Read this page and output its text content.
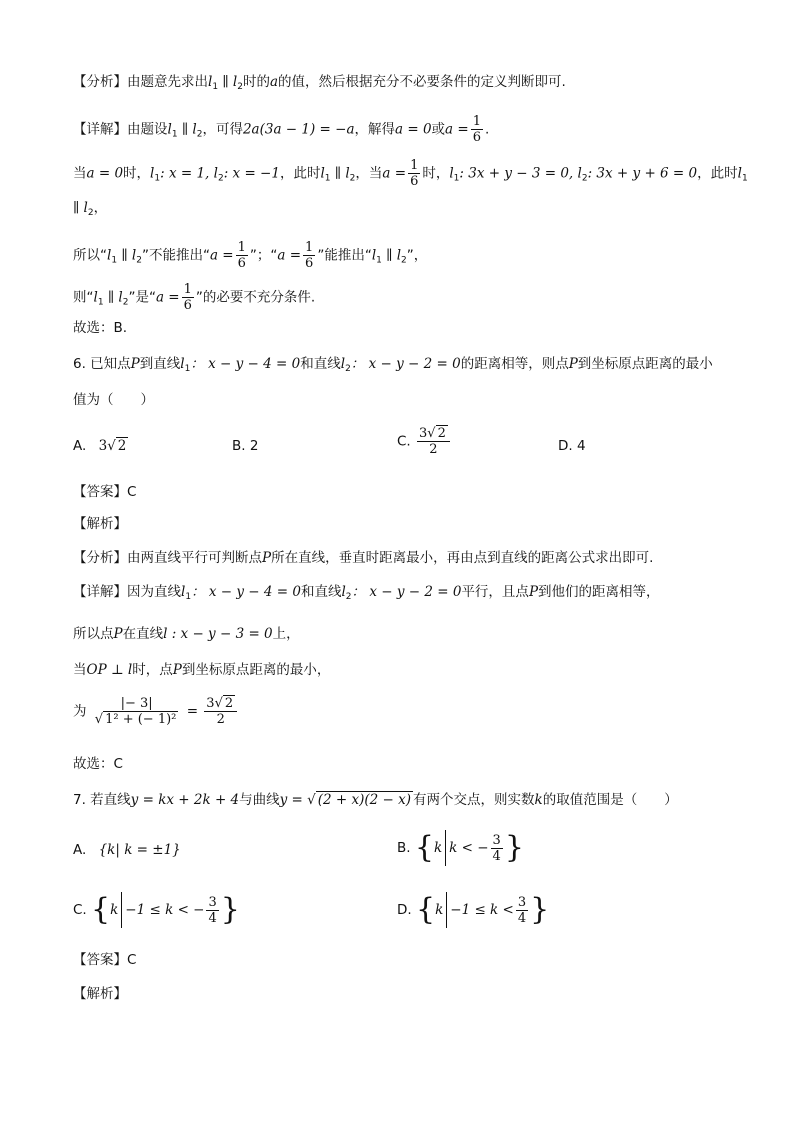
【分析】由题意先求出$l_1$ ∥ $l_2$时的a的值，然后根据充分不必要条件的定义判断即可.
【详解】由题设$l_1$ ∥ $l_2$，可得2a(3a − 1) = −a，解得a = 0或$a = \frac{1}{6}$ .
当a = 0时，$l_1$: x = 1, $l_2$: x = −1，此时$l_1$ ∥ $l_2$，当$a = \frac{1}{6}$ 时，$l_1$: 3x + y − 3 = 0, $l_2$: 3x + y + 6 = 0，此时$l_1$
∥ $l_2$，
所以“$l_1$ ∥ $l_2$”不能推出“$a = \frac{1}{6}$ ”；“$a = \frac{1}{6}$ ”能推出“$l_1$ ∥ $l_2$”，
则“$l_1$ ∥ $l_2$”是“$a = \frac{1}{6}$ ”的必要不充分条件.
故选：B.
6. 已知点P到直线$l_1$： x − y − 4 = 0和直线$l_2$： x − y − 2 = 0的距离相等，则点P到坐标原点距离的最小
值为（　　）
A. 3√ 2	B. 2	C. $\frac{3√ 2}{2}$	D. 4
【答案】C
【解析】
【分析】由两直线平行可判断点P所在直线，垂直时距离最小，再由点到直线的距离公式求出即可.
【详解】因为直线$l_1$： x − y − 4 = 0和直线$l_2$： x − y − 2 = 0平行，且点P到他们的距离相等，
所以点P在直线l : x − y − 3 = 0上，
当OP ⊥ l时，点P到坐标原点距离的最小，
为 $\frac{|- 3|}{\text{√ 1² + (− 1)²}} = \frac{3√ 2}{2}$
故选：C
7. 若直线y = kx + 2k + 4与曲线y = √ (2 + x)(2 − x) 有两个交点，则实数k的取值范围是（　　）
A. {k| k = ±1}	B. {k k < − $\frac{3}{4}$ }
C. {k −1 ≤ k < − $\frac{3}{4}$ }	D. {$k -1 \le k < \frac{3}{4}$ }
【答案】C
【解析】
